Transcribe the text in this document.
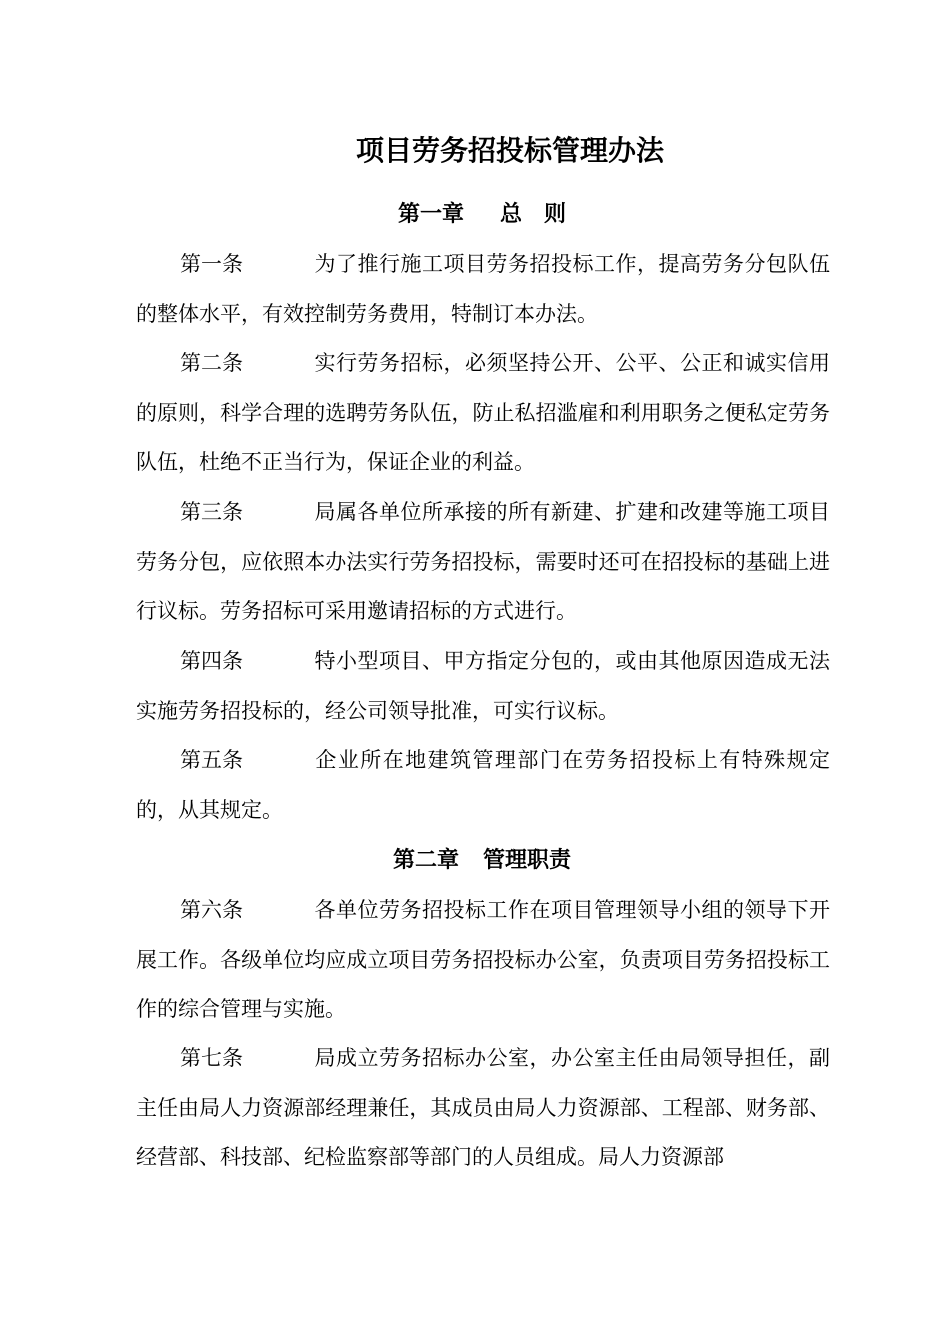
项目劳务招投标管理办法
第一章 总　则
第一条	为了推行施工项目劳务招投标工作，提高劳务分包队伍的整体水平，有效控制劳务费用，特制订本办法。
第二条	实行劳务招标，必须坚持公开、公平、公正和诚实信用的原则，科学合理的选聘劳务队伍，防止私招滥雇和利用职务之便私定劳务队伍，杜绝不正当行为，保证企业的利益。
第三条	局属各单位所承接的所有新建、扩建和改建等施工项目劳务分包，应依照本办法实行劳务招投标，需要时还可在招投标的基础上进行议标。劳务招标可采用邀请招标的方式进行。
第四条	特小型项目、甲方指定分包的，或由其他原因造成无法实施劳务招投标的，经公司领导批准，可实行议标。
第五条	企业所在地建筑管理部门在劳务招投标上有特殊规定的，从其规定。
第二章 管理职责
第六条	各单位劳务招投标工作在项目管理领导小组的领导下开展工作。各级单位均应成立项目劳务招投标办公室，负责项目劳务招投标工作的综合管理与实施。
第七条	局成立劳务招标办公室，办公室主任由局领导担任，副主任由局人力资源部经理兼任，其成员由局人力资源部、工程部、财务部、经营部、科技部、纪检监察部等部门的人员组成。局人力资源部
